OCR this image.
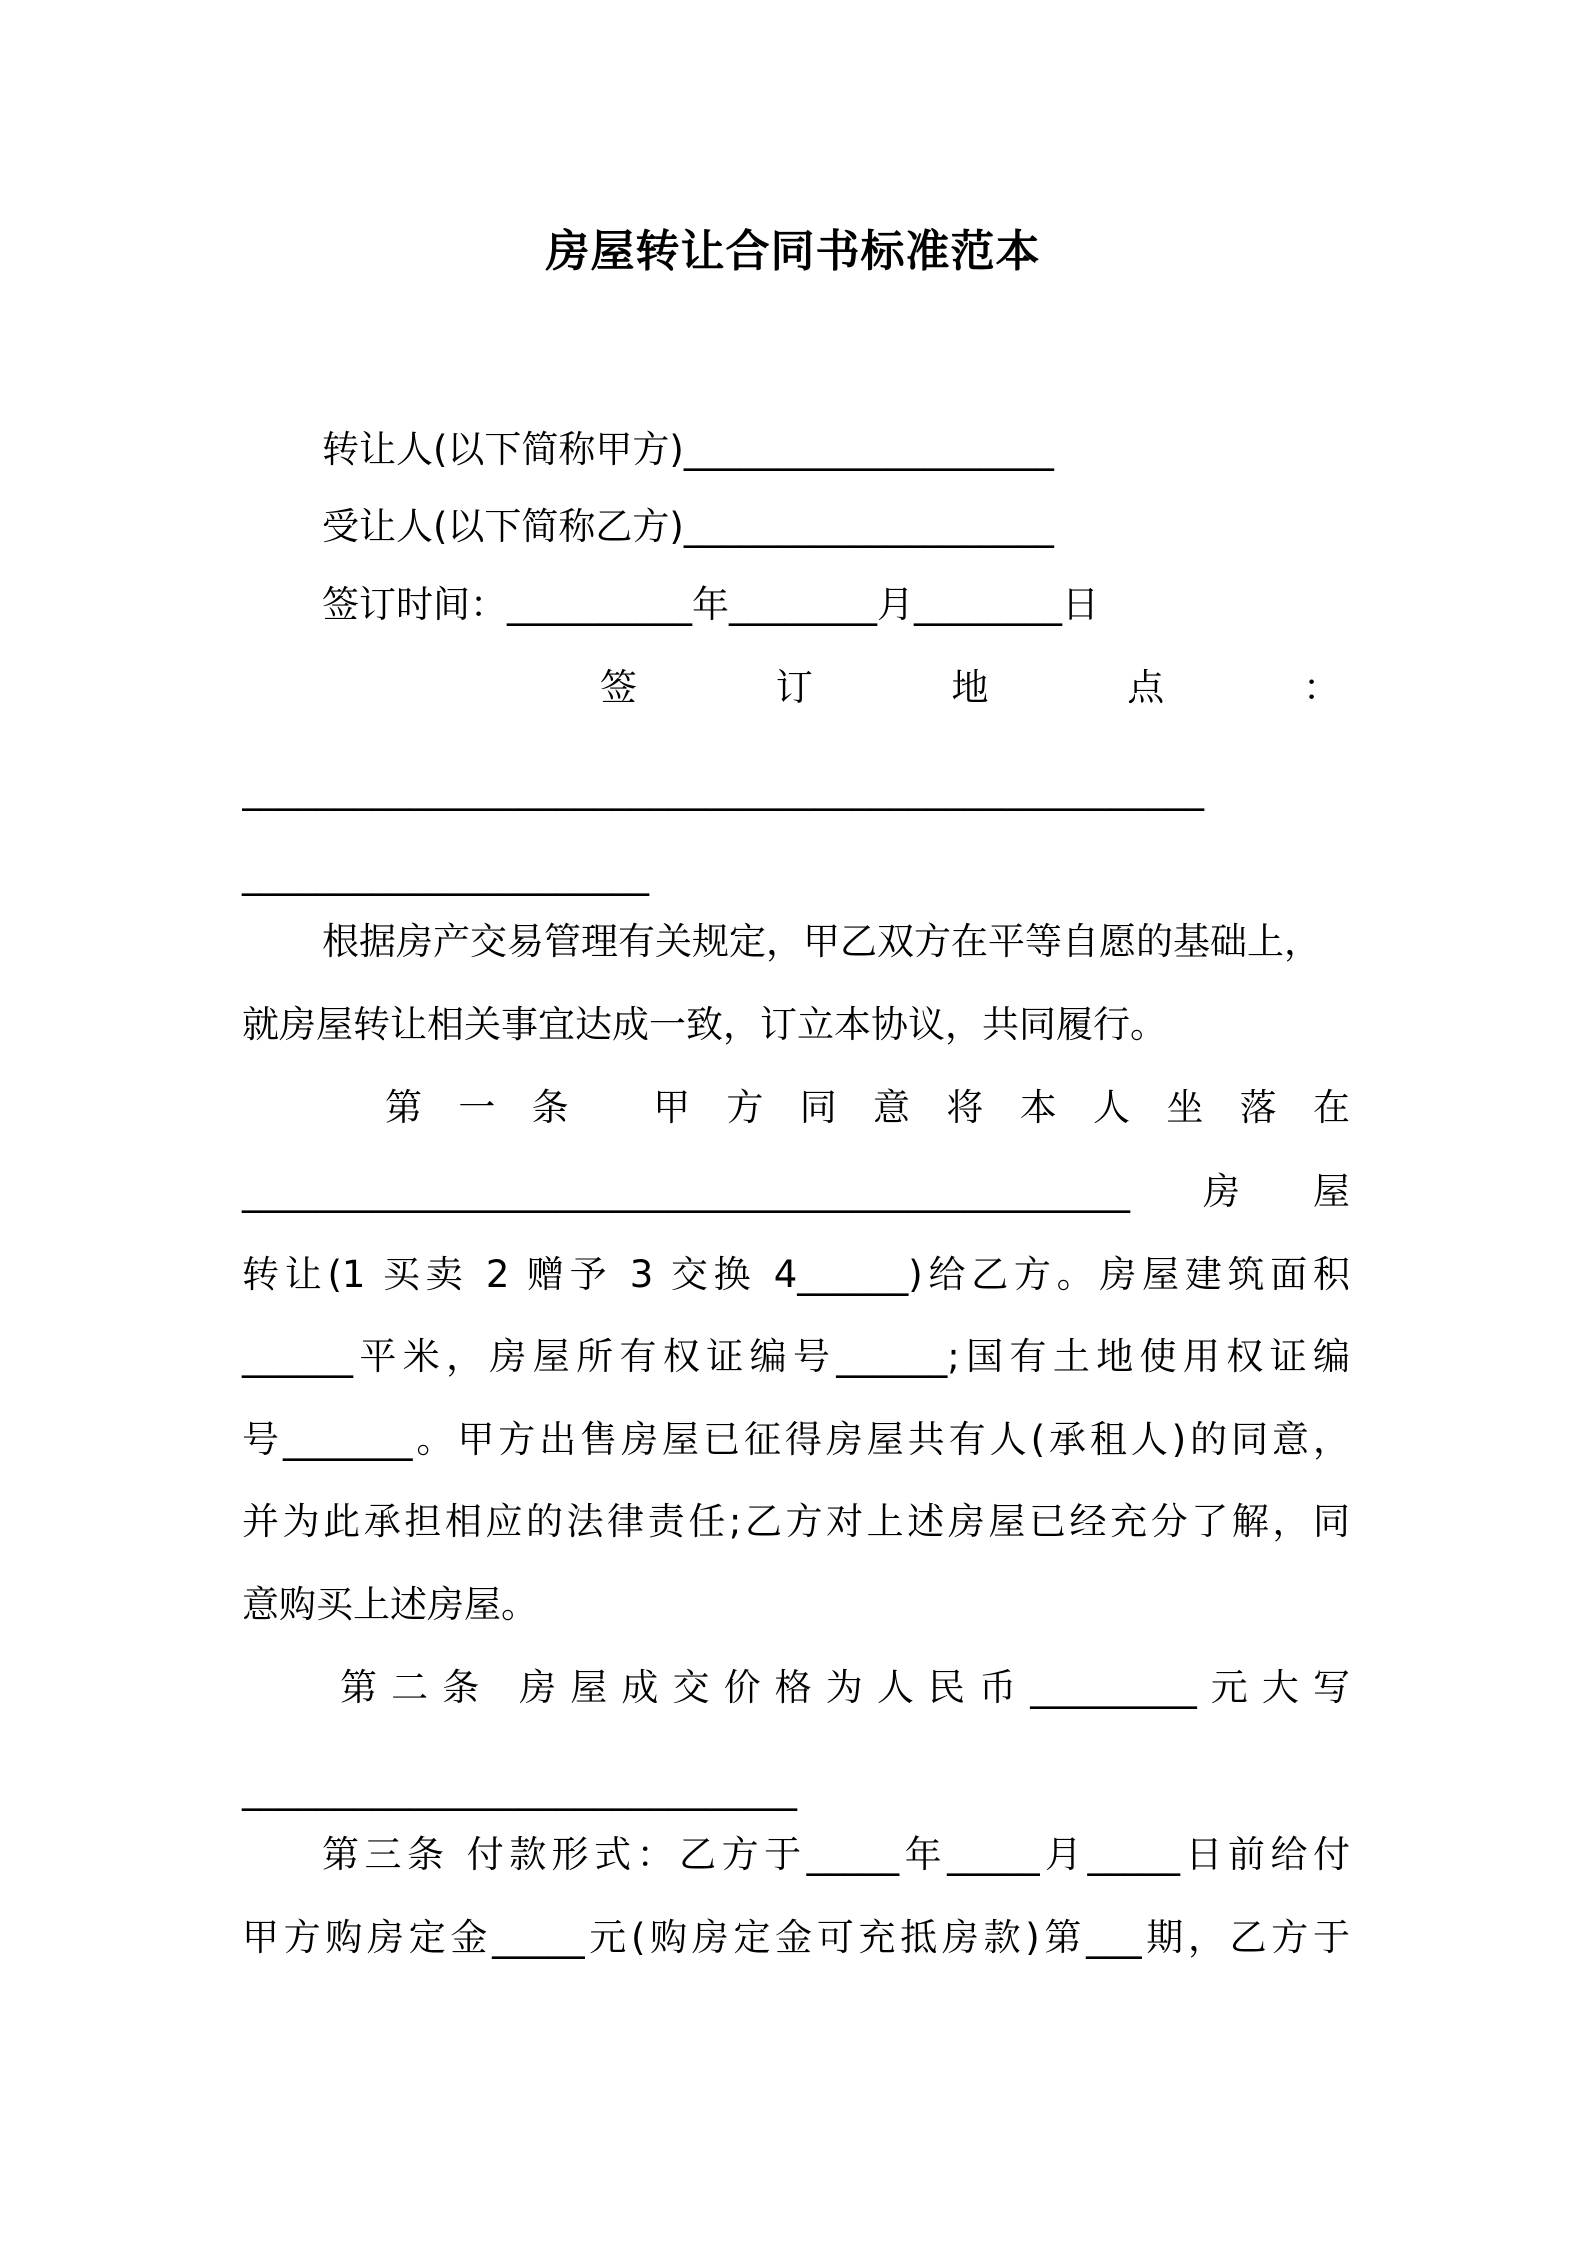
房屋转让合同书标准范本
转让人(以下简称甲方)____________________
受让人(以下简称乙方)____________________
签订时间：__________年________月________日
签订地点：
____________________________________________________
______________________
根据房产交易管理有关规定，甲乙双方在平等自愿的基础上，
就房屋转让相关事宜达成一致，订立本协议，共同履行。
第一条 甲方同意将本人坐落在
________________________________________________房屋
转让(1 买卖 2 赠予 3 交换 4______)给乙方。房屋建筑面积
______平米，房屋所有权证编号______;国有土地使用权证编
号_______。甲方出售房屋已征得房屋共有人(承租人)的同意，
并为此承担相应的法律责任;乙方对上述房屋已经充分了解，同
意购买上述房屋。
第二条 房屋成交价格为人民币_________元大写
______________________________
第三条 付款形式：乙方于_____年_____月_____日前给付
甲方购房定金_____元(购房定金可充抵房款)第___期，乙方于
